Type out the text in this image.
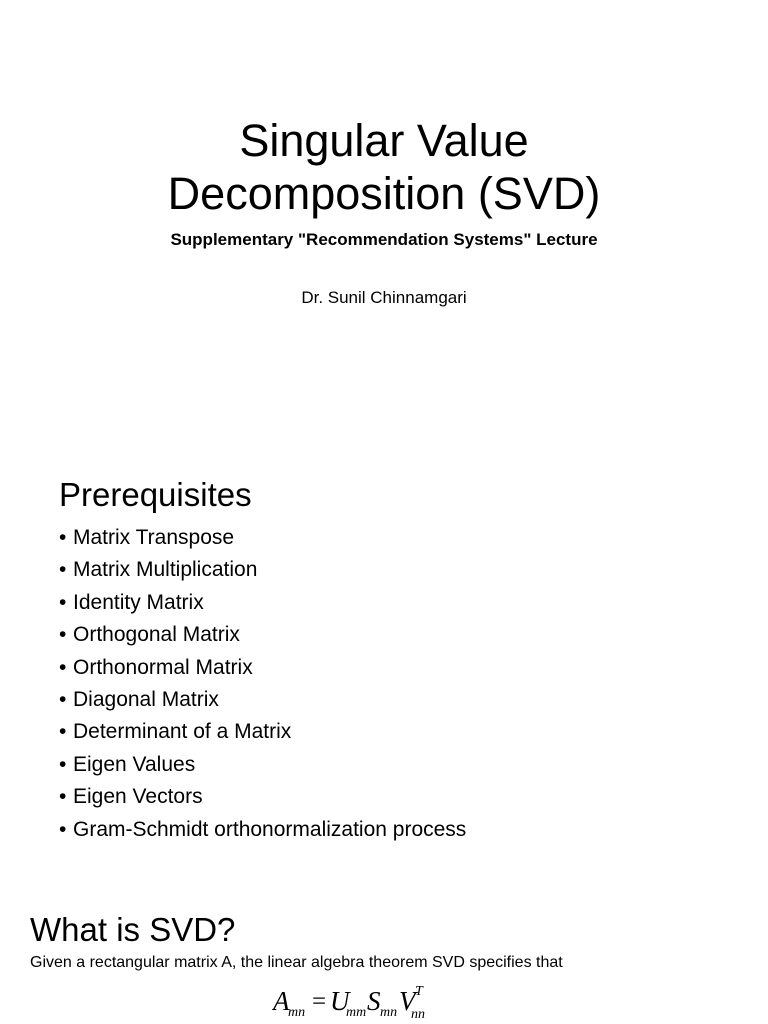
Singular Value
Decomposition (SVD)

Supplementary "Recommendation Systems" Lecture

Dr. Sunil Chinnamgari

Prerequisites
• Matrix Transpose
• Matrix Multiplication
• Identity Matrix
• Orthogonal Matrix
• Orthonormal Matrix
• Diagonal Matrix
• Determinant of a Matrix
• Eigen Values
• Eigen Vectors
• Gram-Schmidt orthonormalization process
What is SVD?

Given a rectangular matrix A, the linear algebra theorem SVD specifies that

A
mn = U
mm S mn V T
nn
